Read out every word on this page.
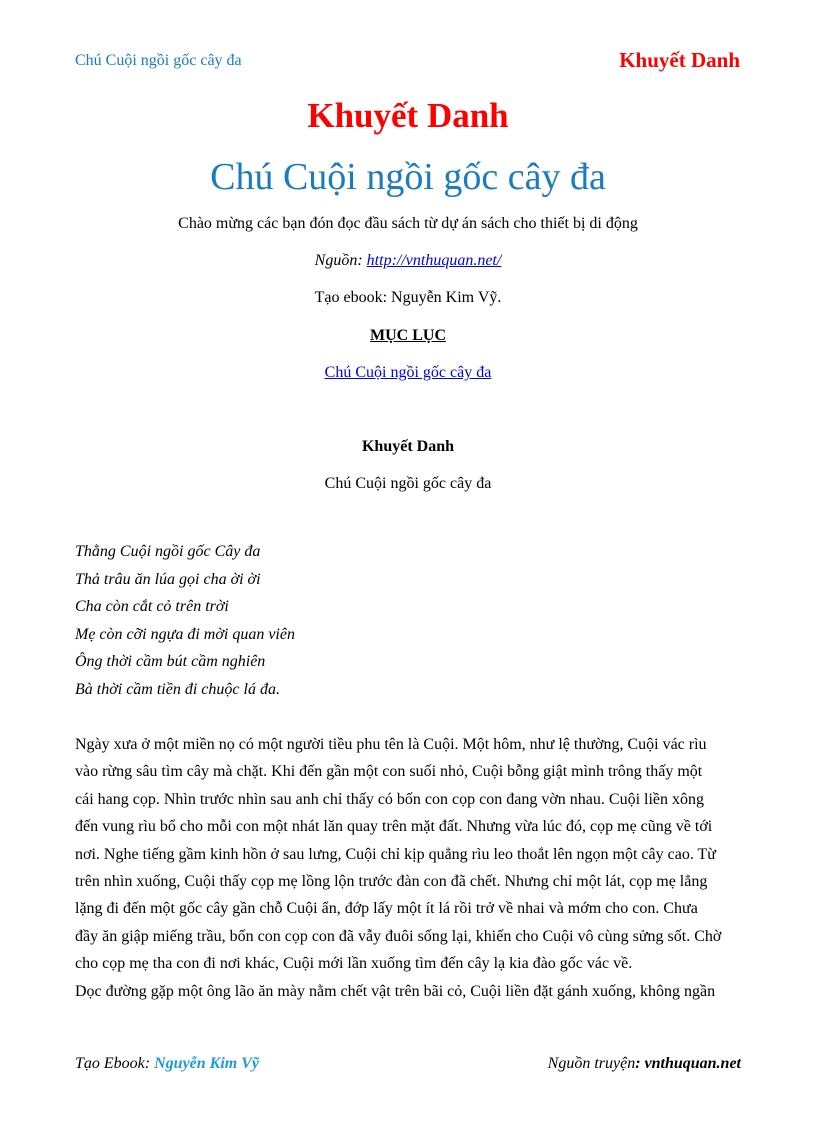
Chú Cuội ngồi gốc cây đa	Khuyết Danh
Khuyết Danh
Chú Cuội ngồi gốc cây đa
Chào mừng các bạn đón đọc đầu sách từ dự án sách cho thiết bị di động
Nguồn: http://vnthuquan.net/
Tạo ebook: Nguyễn Kim Vỹ.
MỤC LỤC
Chú Cuội ngồi gốc cây đa
Khuyết Danh
Chú Cuội ngồi gốc cây đa
Thằng Cuội ngồi gốc Cây đa
Thả trâu ăn lúa gọi cha ời ời
Cha còn cắt cỏ trên trời
Mẹ còn cỡi ngựa đi mời quan viên
Ông thời cầm bút cầm nghiên
Bà thời cầm tiền đi chuộc lá đa.
Ngày xưa ở một miền nọ có một người tiều phu tên là Cuội. Một hôm, như lệ thường, Cuội vác rìu
vào rừng sâu tìm cây mà chặt. Khi đến gần một con suối nhỏ, Cuội bỗng giật mình trông thấy một
cái hang cọp. Nhìn trước nhìn sau anh chỉ thấy có bốn con cọp con đang vờn nhau. Cuội liền xông
đến vung rìu bổ cho mỗi con một nhát lăn quay trên mặt đất. Nhưng vừa lúc đó, cọp mẹ cũng về tới
nơi. Nghe tiếng gầm kinh hồn ở sau lưng, Cuội chỉ kịp quẳng rìu leo thoắt lên ngọn một cây cao. Từ
trên nhìn xuống, Cuội thấy cọp mẹ lồng lộn trước đàn con đã chết. Nhưng chỉ một lát, cọp mẹ lẳng
lặng đi đến một gốc cây gần chỗ Cuội ẩn, đớp lấy một ít lá rồi trở về nhai và mớm cho con. Chưa
đầy ăn giập miếng trầu, bốn con cọp con đã vẫy đuôi sống lại, khiến cho Cuội vô cùng sửng sốt. Chờ
cho cọp mẹ tha con đi nơi khác, Cuội mới lần xuống tìm đến cây lạ kia đào gốc vác về.
Dọc đường gặp một ông lão ăn mày nằm chết vật trên bãi cỏ, Cuội liền đặt gánh xuống, không ngần
Tạo Ebook: Nguyễn Kim Vỹ	Nguồn truyện: vnthuquan.net
